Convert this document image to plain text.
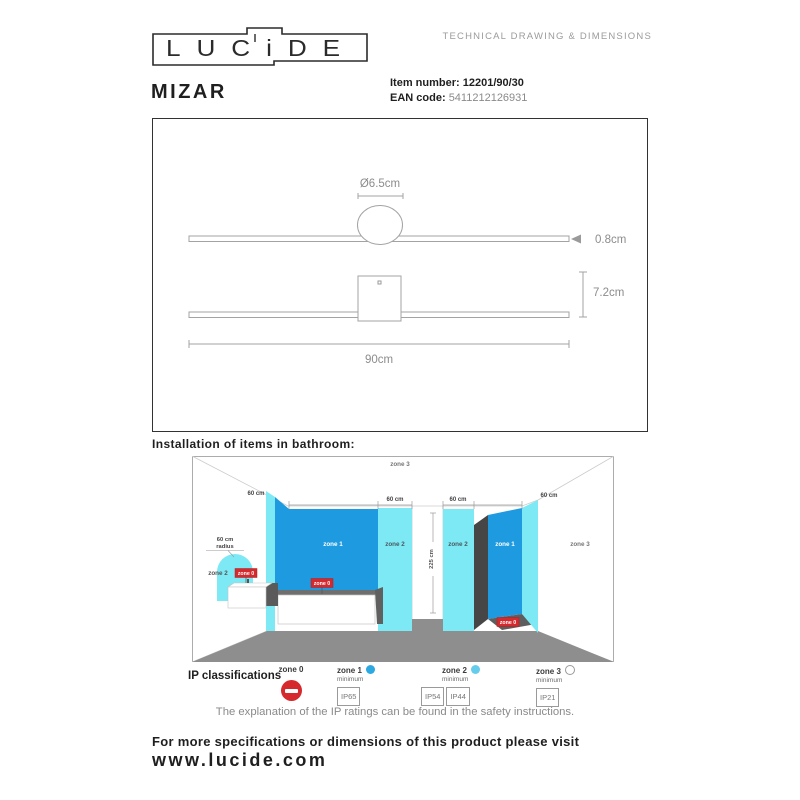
LUCiDE	TECHNICAL DRAWING & DIMENSIONS
MIZAR	Item number: 12201/90/30
EAN code: 5411212126931
Ø6.5cm
0.8cm
7.2cm
90cm
Installation of items in bathroom:
225 cm
60 cm
radius
zone 3
60 cm
60 cm	60 cm
60 cm
zone 1	zone 2	zone 2	zone 1	zone 3
zone 2 zone 0
zone 0
zone 0
IP classifications
zone 0	zone 1
minimum
IP65
zone 2
minimum
IP54 IP44
zone 3
minimum
IP21
The explanation of the IP ratings can be found in the safety instructions.
For more specifications or dimensions of this product please visit
www.lucide.com
